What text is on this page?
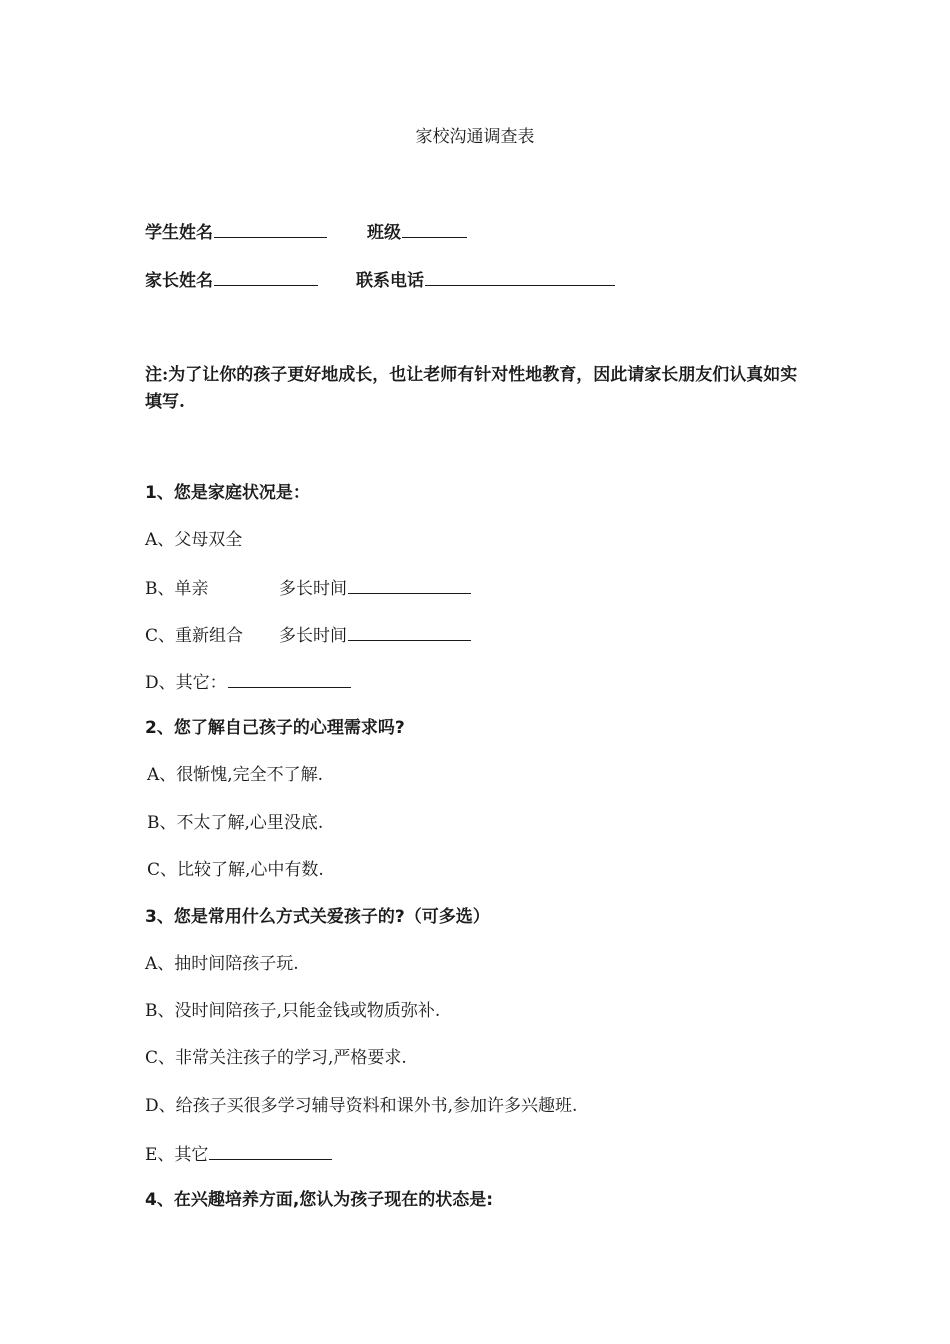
家校沟通调查表
学生姓名	班级
家长姓名	联系电话
注:为了让你的孩子更好地成长，也让老师有针对性地教育，因此请家长朋友们认真如实填写.
1、您是家庭状况是：
A、父母双全
B、单亲	多长时间
C、重新组合 多长时间
D、其它：
2、您了解自己孩子的心理需求吗?
A、很惭愧,完全不了解.
B、不太了解,心里没底.
C、比较了解,心中有数.
3、您是常用什么方式关爱孩子的?（可多选）
A、抽时间陪孩子玩.
B、没时间陪孩子,只能金钱或物质弥补.
C、非常关注孩子的学习,严格要求.
D、给孩子买很多学习辅导资料和课外书,参加许多兴趣班.
E、其它
4、在兴趣培养方面,您认为孩子现在的状态是:
